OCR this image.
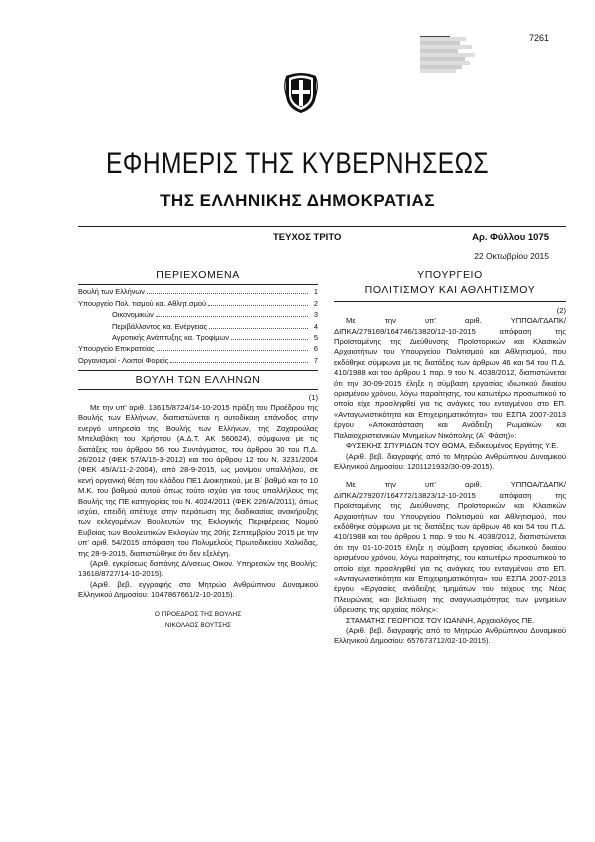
7261
ΕΦΗΜΕΡΙΣ ΤΗΣ ΚΥΒΕΡΝΗΣΕΩΣ
ΤΗΣ ΕΛΛΗΝΙΚΗΣ ΔΗΜΟΚΡΑΤΙΑΣ
ΤΕΥΧΟΣ ΤΡΙΤΟ	Αρ. Φύλλου 1075
22 Οκτωβρίου 2015
ΠΕΡΙΕΧΟΜΕΝΑ
Βουλή των Ελλήνων	1
Υπουργείο Πολ. τισμού κα. Αθλητ.σμού	2
Οικονομικών	3
Περιβάλλοντος κα. Ενέργειας	4
Αγροτικής Ανάπτυξης κα. Τροφίμων	5
Υπουργείο Επικρατείας	6
Οργανισμοί - Λοιποί Φορείς	7
ΒΟΥΛΗ ΤΩΝ ΕΛΛΗΝΩΝ
(1)

Με την υπ' αριθ. 13615/8724/14-10-2015 πράξη του Προέδρου της Βουλής των Ελλήνων, διαπιστώνεται η αυτοδίκαιη επάνοδος στην ενεργό υπηρεσία της Βουλής των Ελλήνων, της Ζαχαρούλας Μπελαβάκη του Χρήστου (Α.Δ.Τ. ΑΚ 560624), σύμφωνα με τις διατάξεις του άρθρου 56 του Συντάγματος, του άρθρου 30 του Π.Δ. 26/2012 (ΦΕΚ 57/Α/15-3-2012) και του άρθρου 12 του Ν. 3231/2004 (ΦΕΚ 45/Α/11-2-2004), από 28-9-2015, ως μονίμου υπαλλήλου, σε κενή οργανική θέση του κλάδου ΠΕ1 Διοικητικού, με Β΄ βαθμό και το 10 Μ.Κ. του βαθμού αυτού όπως τούτο ισχύει για τους υπαλλήλους της Βουλής της ΠΕ κατηγορίας του Ν. 4024/2011 (ΦΕΚ 226/Α/2011), όπως ισχύει, επειδή απέτυχε στην περάτωση της διαδικασίας ανακήρυξης των εκλεγομένων Βουλευτών της Εκλογικής Περιφέρειας Νομού Ευβοίας των Βουλευτικών Εκλογών της 20ής Σεπτεμβρίου 2015 με την υπ' αριθ. 54/2015 απόφαση του Πολυμελούς Πρωτοδικείου Χαλκίδας, της 28-9-2015, διαπιστώθηκε ότι δεν εξελέγη.

(Αριθ. εγκρίσεως δαπάνης Δ/νσεως Οικον. Υπηρεσιών της Βουλής: 13618/8727/14-10-2015).

(Αριθ. βεβ. εγγραφής στο Μητρώο Ανθρώπινου Δυναμικού Ελληνικού Δημοσίου: 1047867661/2-10-2015).

Ο ΠΡΟΕΔΡΟΣ ΤΗΣ ΒΟΥΛΗΣ
ΝΙΚΟΛΑΟΣ ΒΟΥΤΣΗΣ
ΥΠΟΥΡΓΕΙΟ
ΠΟΛΙΤΙΣΜΟΥ ΚΑΙ ΑΘΛΗΤΙΣΜΟΥ
(2)

Με την υπ' αριθ. ΥΠΠΟΑ/ΓΔΑΠΚ/ΔΙΠΚΑ/279169/164746/13820/12-10-2015 απόφαση της Προϊσταμένης της Διεύθυνσης Προϊστορικών και Κλασικών Αρχαιοτήτων του Υπουργείου Πολιτισμού και Αθλητισμού, που εκδόθηκε σύμφωνα με τις διατάξεις των άρθρων 46 και 54 του Π.Δ. 410/1988 και του άρθρου 1 παρ. 9 του Ν. 4038/2012, διαπιστώνεται ότι την 30-09-2015 έληξε η σύμβαση εργασίας ιδιωτικού δικαίου ορισμένου χρόνου, λόγω παραίτησης, του κατωτέρω προσωπικού το οποίο είχε προσληφθεί για τις ανάγκες του ενταγμένου στο ΕΠ. «Ανταγωνιστικότητα και Επιχειρηματικότητα» του ΕΣΠΑ 2007-2013 έργου «Αποκατάσταση και Ανάδειξη Ρωμαϊκών και Παλαιοχριστιανικών Μνημείων Νικόπολης (Α΄ Φάση)»:

ΦΥΣΕΚΗΣ ΣΠΥΡΙΔΩΝ ΤΟΥ ΘΩΜΑ, Ειδικευμένος Εργάτης Υ.Ε.

(Αριθ. βεβ. διαγραφής από το Μητρώο Ανθρώπινου Δυναμικού Ελληνικού Δημοσίου: 1201121932/30-09-2015).

Με την υπ' αριθ. ΥΠΠΟΑ/ΓΔΑΠΚ/ΔΙΠΚΑ/279207/164772/13823/12-10-2015 απόφαση της Προϊσταμένης της Διεύθυνσης Προϊστορικών και Κλασικών Αρχαιοτήτων του Υπουργείου Πολιτισμού και Αθλητισμού, που εκδόθηκε σύμφωνα με τις διατάξεις των άρθρων 46 και 54 του Π.Δ. 410/1988 και του άρθρου 1 παρ. 9 του Ν. 4038/2012, διαπιστώνεται ότι την 01-10-2015 έληξε η σύμβαση εργασίας ιδιωτικού δικαίου ορισμένου χρόνου, λόγω παραίτησης, του κατωτέρω προσωπικού το οποίο είχε προσληφθεί για τις ανάγκες του ενταγμένου στο ΕΠ. «Ανταγωνιστικότητα και Επιχειρηματικότητα» του ΕΣΠΑ 2007-2013 έργου «Εργασίες ανάδειξης τμημάτων του τείχους της Νέας Πλευρώνας και βελτίωση της αναγνωσιμότητας των μνημείων ύδρευσης της αρχαίας πόλης»:

ΣΤΑΜΑΤΗΣ ΓΕΩΡΓΙΟΣ ΤΟΥ ΙΩΑΝΝΗ, Αρχαιολόγος ΠΕ.

(Αριθ. βεβ. διαγραφής από το Μητρώο Ανθρώπινου Δυναμικού Ελληνικού Δημοσίου: 657673712/02-10-2015).
